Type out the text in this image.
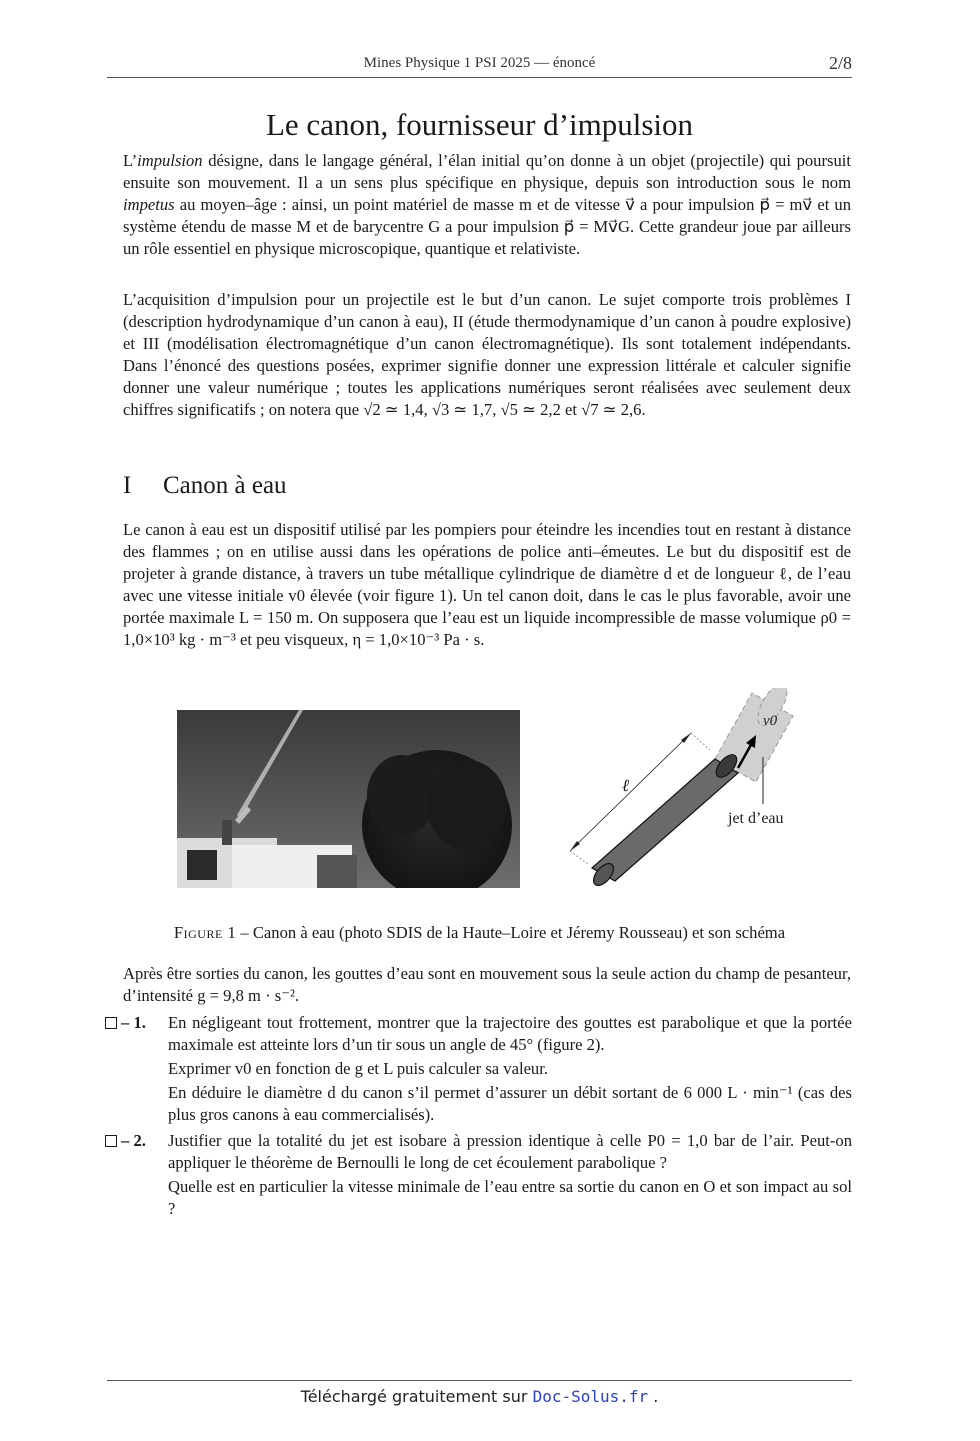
Mines Physique 1 PSI 2025 — énoncé	2/8
Le canon, fournisseur d’impulsion
L’impulsion désigne, dans le langage général, l’élan initial qu’on donne à un objet (projectile) qui poursuit ensuite son mouvement. Il a un sens plus spécifique en physique, depuis son introduction sous le nom impetus au moyen–âge : ainsi, un point matériel de masse m et de vitesse v⃗ a pour impulsion p⃗ = mv⃗ et un système étendu de masse M et de barycentre G a pour impulsion p⃗ = Mv⃗G. Cette grandeur joue par ailleurs un rôle essentiel en physique microscopique, quantique et relativiste.
L’acquisition d’impulsion pour un projectile est le but d’un canon. Le sujet comporte trois problèmes I (description hydrodynamique d’un canon à eau), II (étude thermodynamique d’un canon à poudre explosive) et III (modélisation électromagnétique d’un canon électromagnétique). Ils sont totalement indépendants. Dans l’énoncé des questions posées, exprimer signifie donner une expression littérale et calculer signifie donner une valeur numérique ; toutes les applications numériques seront réalisées avec seulement deux chiffres significatifs ; on notera que √2 ≃ 1,4, √3 ≃ 1,7, √5 ≃ 2,2 et √7 ≃ 2,6.
I Canon à eau
Le canon à eau est un dispositif utilisé par les pompiers pour éteindre les incendies tout en restant à distance des flammes ; on en utilise aussi dans les opérations de police anti–émeutes. Le but du dispositif est de projeter à grande distance, à travers un tube métallique cylindrique de diamètre d et de longueur ℓ, de l’eau avec une vitesse initiale v0 élevée (voir figure 1). Un tel canon doit, dans le cas le plus favorable, avoir une portée maximale L = 150 m. On supposera que l’eau est un liquide incompressible de masse volumique ρ0 = 1,0×10³ kg · m⁻³ et peu visqueux, η = 1,0×10⁻³ Pa · s.
ℓ
v0
jet d’eau
Figure 1 – Canon à eau (photo SDIS de la Haute–Loire et Jéremy Rousseau) et son schéma
Après être sorties du canon, les gouttes d’eau sont en mouvement sous la seule action du champ de pesanteur, d’intensité g = 9,8 m · s⁻².
– 1. En négligeant tout frottement, montrer que la trajectoire des gouttes est parabolique et que la portée maximale est atteinte lors d’un tir sous un angle de 45° (figure 2).

Exprimer v0 en fonction de g et L puis calculer sa valeur.

En déduire le diamètre d du canon s’il permet d’assurer un débit sortant de 6 000 L · min⁻¹ (cas des plus gros canons à eau commercialisés).

– 2. Justifier que la totalité du jet est isobare à pression identique à celle P0 = 1,0 bar de l’air. Peut-on appliquer le théorème de Bernoulli le long de cet écoulement parabolique ?

Quelle est en particulier la vitesse minimale de l’eau entre sa sortie du canon en O et son impact au sol ?

Téléchargé gratuitement sur Doc-Solus.fr .
